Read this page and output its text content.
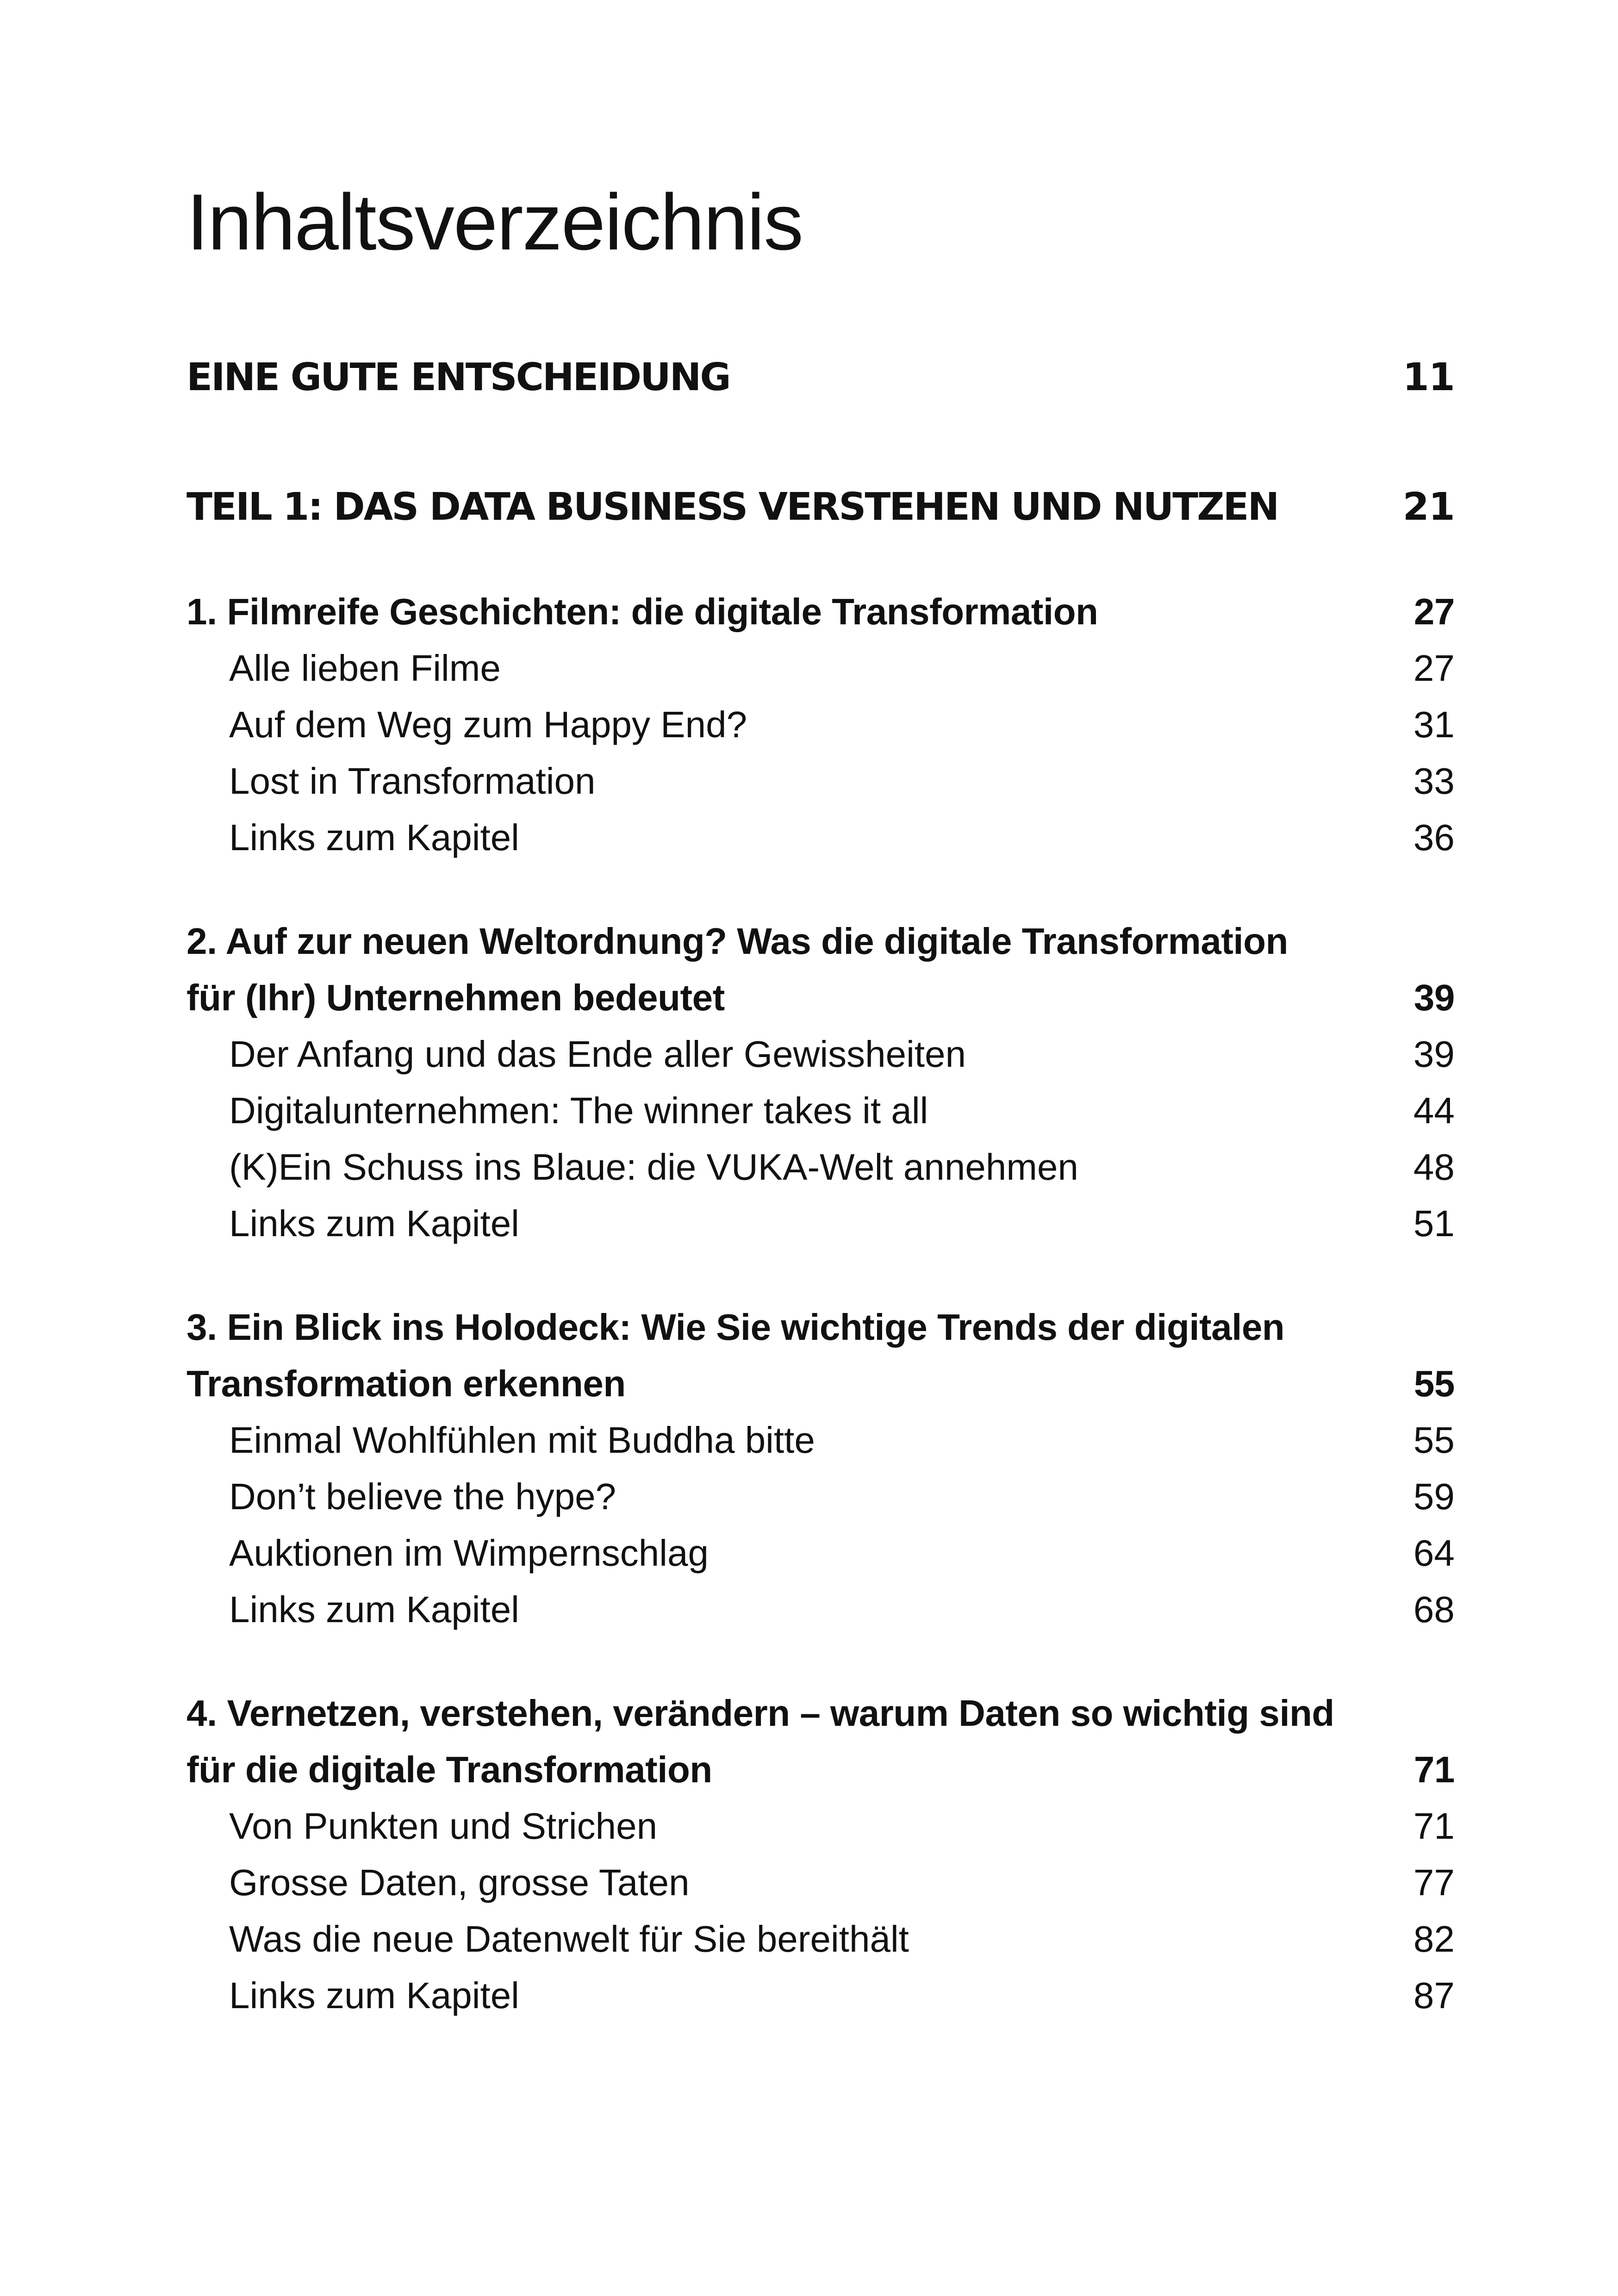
Inhaltsverzeichnis
EINE GUTE ENTSCHEIDUNG	11
TEIL 1: DAS DATA BUSINESS VERSTEHEN UND NUTZEN	21
1. Filmreife Geschichten: die digitale Transformation	27
Alle lieben Filme	27
Auf dem Weg zum Happy End?	31
Lost in Transformation	33
Links zum Kapitel	36
2. Auf zur neuen Weltordnung? Was die digitale Transformation
für (Ihr) Unternehmen bedeutet	39
Der Anfang und das Ende aller Gewissheiten	39
Digitalunternehmen: The winner takes it all	44
(K)Ein Schuss ins Blaue: die VUKA-Welt annehmen	48
Links zum Kapitel	51
3. Ein Blick ins Holodeck: Wie Sie wichtige Trends der digitalen
Transformation erkennen	55
Einmal Wohlfühlen mit Buddha bitte	55
Don’t believe the hype?	59
Auktionen im Wimpernschlag	64
Links zum Kapitel	68
4. Vernetzen, verstehen, verändern – warum Daten so wichtig sind
für die digitale Transformation	71
Von Punkten und Strichen	71
Grosse Daten, grosse Taten	77
Was die neue Datenwelt für Sie bereithält	82
Links zum Kapitel	87
